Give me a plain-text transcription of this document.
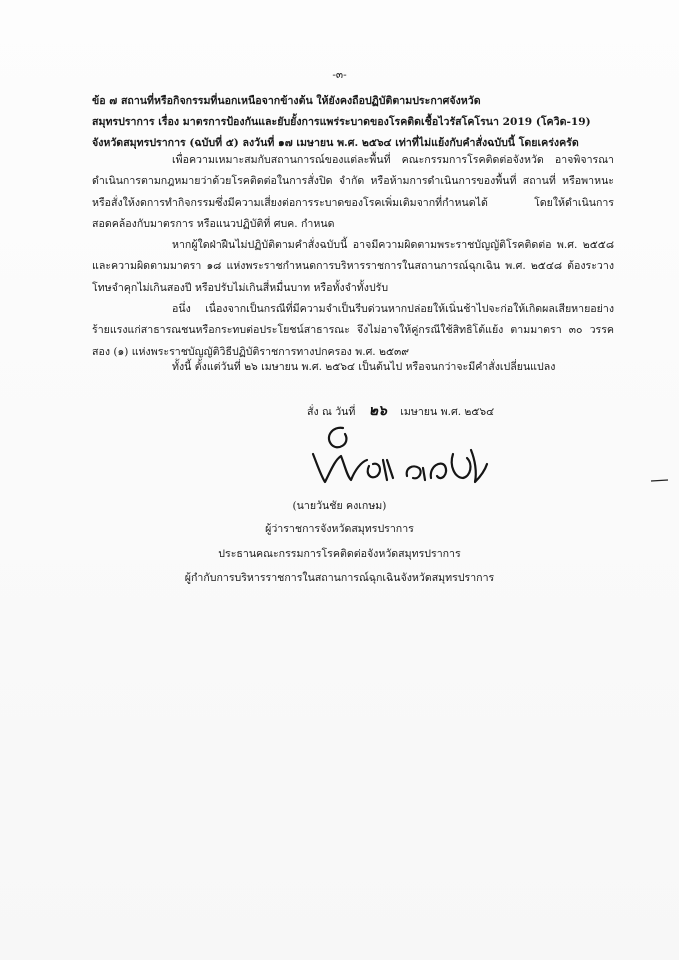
-๓-

ข้อ ๗ สถานที่หรือกิจกรรมที่นอกเหนือจากข้างต้น ให้ยังคงถือปฏิบัติตามประกาศจังหวัด

สมุทรปราการ เรื่อง มาตรการป้องกันและยับยั้งการแพร่ระบาดของโรคติดเชื้อไวรัสโคโรนา 2019 (โควิด-19)

จังหวัดสมุทรปราการ (ฉบับที่ ๕) ลงวันที่ ๑๗ เมษายน พ.ศ. ๒๕๖๔ เท่าที่ไม่แย้งกับคำสั่งฉบับนี้ โดยเคร่งครัด

เพื่อความเหมาะสมกับสถานการณ์ของแต่ละพื้นที่ คณะกรรมการโรคติดต่อจังหวัด อาจพิจารณาดำเนินการตามกฎหมายว่าด้วยโรคติดต่อในการสั่งปิด จำกัด หรือห้ามการดำเนินการของพื้นที่ สถานที่ หรือพาหนะ หรือสั่งให้งดการทำกิจกรรมซึ่งมีความเสี่ยงต่อการระบาดของโรคเพิ่มเติมจากที่กำหนดได้ โดยให้ดำเนินการสอดคล้องกับมาตรการ หรือแนวปฏิบัติที่ ศบค. กำหนด

หากผู้ใดฝ่าฝืนไม่ปฏิบัติตามคำสั่งฉบับนี้ อาจมีความผิดตามพระราชบัญญัติโรคติดต่อ พ.ศ. ๒๕๕๘ และความผิดตามมาตรา ๑๘ แห่งพระราชกำหนดการบริหารราชการในสถานการณ์ฉุกเฉิน พ.ศ. ๒๕๔๘ ต้องระวางโทษจำคุกไม่เกินสองปี หรือปรับไม่เกินสี่หมื่นบาท หรือทั้งจำทั้งปรับ

อนึ่ง เนื่องจากเป็นกรณีที่มีความจำเป็นรีบด่วนหากปล่อยให้เนิ่นช้าไปจะก่อให้เกิดผลเสียหายอย่างร้ายแรงแก่สาธารณชนหรือกระทบต่อประโยชน์สาธารณะ จึงไม่อาจให้คู่กรณีใช้สิทธิโต้แย้ง ตามมาตรา ๓๐ วรรคสอง (๑) แห่งพระราชบัญญัติวิธีปฏิบัติราชการทางปกครอง พ.ศ. ๒๕๓๙

ทั้งนี้ ตั้งแต่วันที่ ๒๖ เมษายน พ.ศ. ๒๕๖๔ เป็นต้นไป หรือจนกว่าจะมีคำสั่งเปลี่ยนแปลง
สั่ง ณ วันที่ ๒๖ เมษายน พ.ศ. ๒๕๖๔
(นายวันชัย คงเกษม)
ผู้ว่าราชการจังหวัดสมุทรปราการ
ประธานคณะกรรมการโรคติดต่อจังหวัดสมุทรปราการ
ผู้กำกับการบริหารราชการในสถานการณ์ฉุกเฉินจังหวัดสมุทรปราการ
